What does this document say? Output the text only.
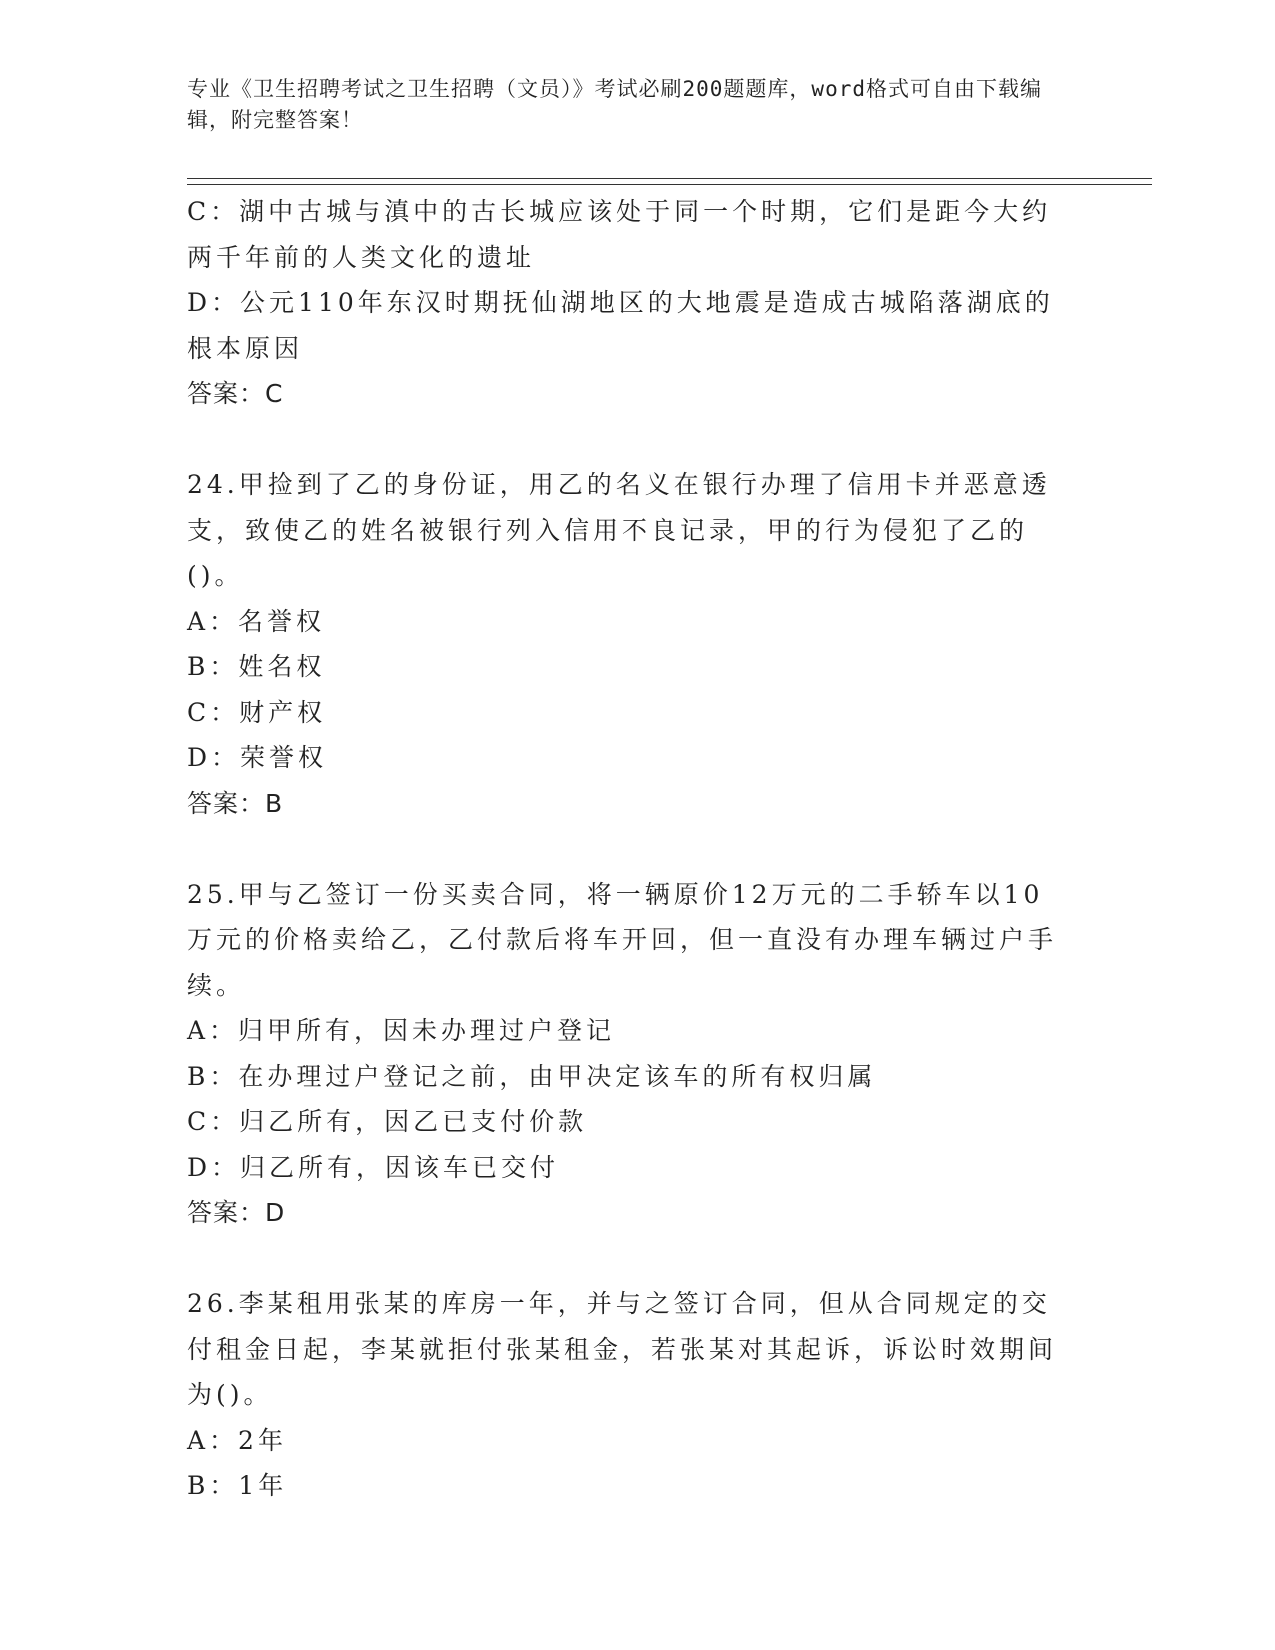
专业《卫生招聘考试之卫生招聘（文员）》考试必刷200题题库，word格式可自由下载编辑，附完整答案！

C：湖中古城与滇中的古长城应该处于同一个时期，它们是距今大约两千年前的人类文化的遗址

D：公元110年东汉时期抚仙湖地区的大地震是造成古城陷落湖底的根本原因

答案：C

24.甲捡到了乙的身份证，用乙的名义在银行办理了信用卡并恶意透支，致使乙的姓名被银行列入信用不良记录，甲的行为侵犯了乙的()。

A：名誉权

B：姓名权

C：财产权

D：荣誉权

答案：B

25.甲与乙签订一份买卖合同，将一辆原价12万元的二手轿车以10万元的价格卖给乙，乙付款后将车开回，但一直没有办理车辆过户手续。

A：归甲所有，因未办理过户登记

B：在办理过户登记之前，由甲决定该车的所有权归属

C：归乙所有，因乙已支付价款

D：归乙所有，因该车已交付

答案：D

26.李某租用张某的库房一年，并与之签订合同，但从合同规定的交付租金日起，李某就拒付张某租金，若张某对其起诉，诉讼时效期间为()。

A：2年

B：1年
